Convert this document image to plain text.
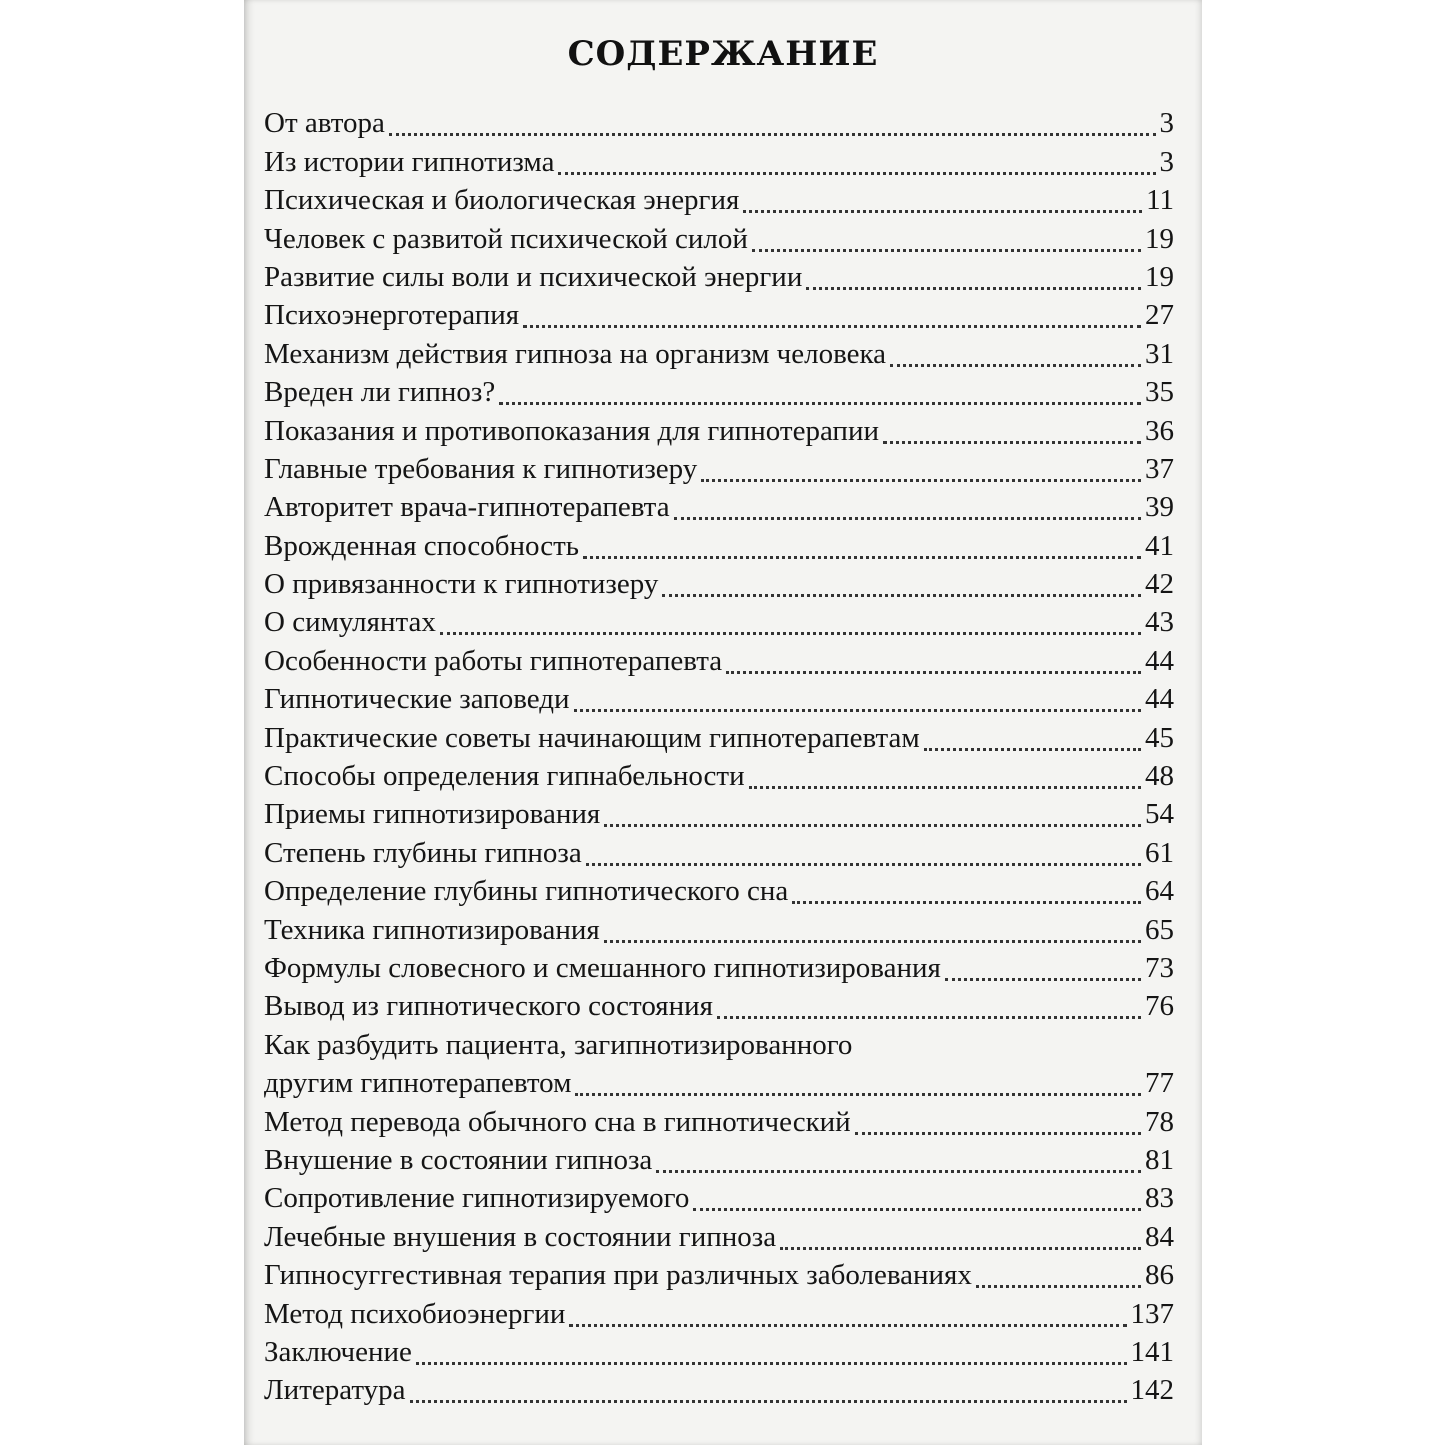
СОДЕРЖАНИЕ
От автора	3
Из истории гипнотизма	3
Психическая и биологическая энергия	11
Человек с развитой психической силой	19
Развитие силы воли и психической энергии	19
Психоэнерготерапия	27
Механизм действия гипноза на организм человека	31
Вреден ли гипноз?	35
Показания и противопоказания для гипнотерапии	36
Главные требования к гипнотизеру	37
Авторитет врача-гипнотерапевта	39
Врожденная способность	41
О привязанности к гипнотизеру	42
О симулянтах	43
Особенности работы гипнотерапевта	44
Гипнотические заповеди	44
Практические советы начинающим гипнотерапевтам	45
Способы определения гипнабельности	48
Приемы гипнотизирования	54
Степень глубины гипноза	61
Определение глубины гипнотического сна	64
Техника гипнотизирования	65
Формулы словесного и смешанного гипнотизирования	73
Вывод из гипнотического состояния	76
Как разбудить пациента, загипнотизированного
другим гипнотерапевтом	77
Метод перевода обычного сна в гипнотический	78
Внушение в состоянии гипноза	81
Сопротивление гипнотизируемого	83
Лечебные внушения в состоянии гипноза	84
Гипносуггестивная терапия при различных заболеваниях	86
Метод психобиоэнергии	137
Заключение	141
Литература	142
